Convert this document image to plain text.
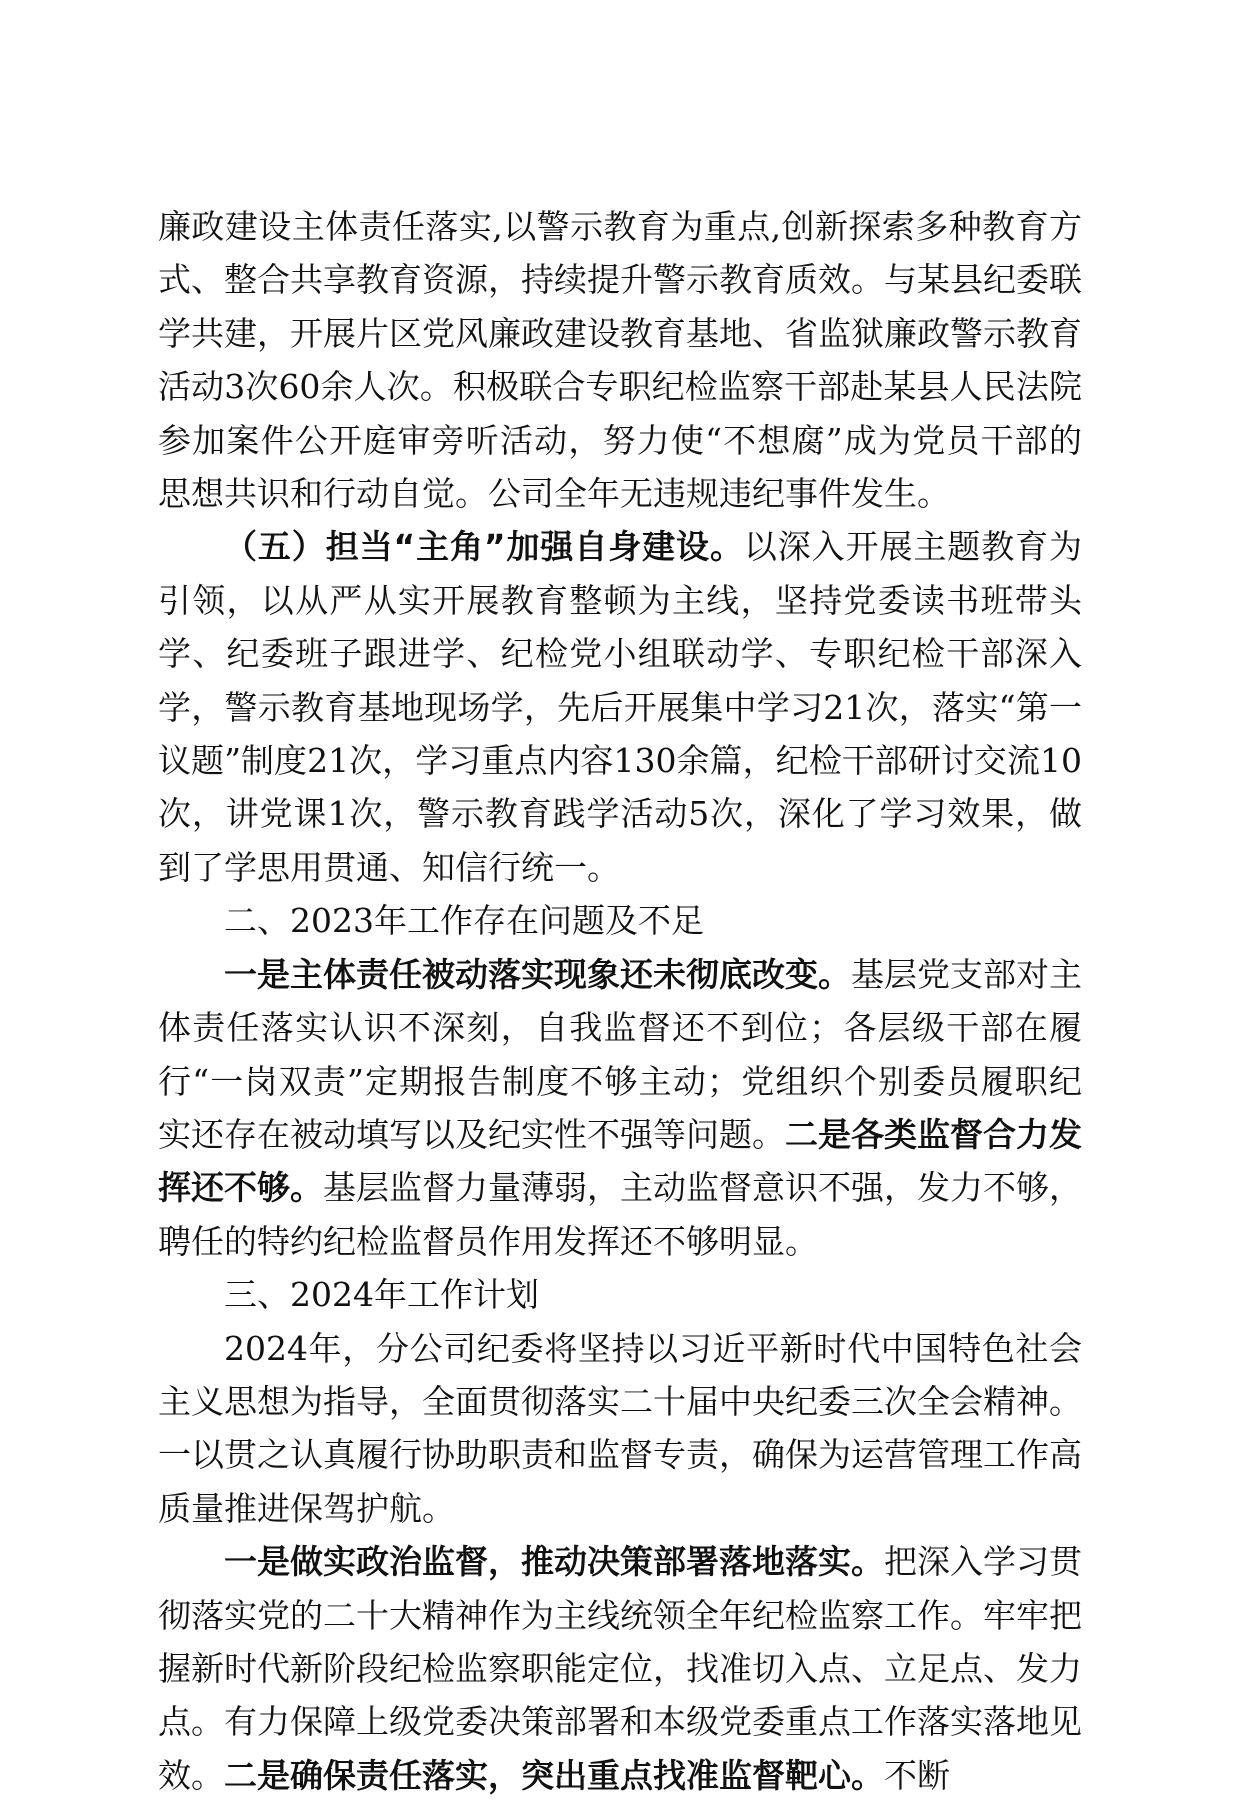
廉政建设主体责任落实,以警示教育为重点,创新探索多种教育方式、整合共享教育资源，持续提升警示教育质效。与某县纪委联学共建，开展片区党风廉政建设教育基地、省监狱廉政警示教育活动3次60余人次。积极联合专职纪检监察干部赴某县人民法院参加案件公开庭审旁听活动，努力使“不想腐”成为党员干部的思想共识和行动自觉。公司全年无违规违纪事件发生。

（五）担当“主角”加强自身建设。以深入开展主题教育为引领，以从严从实开展教育整顿为主线，坚持党委读书班带头学、纪委班子跟进学、纪检党小组联动学、专职纪检干部深入学，警示教育基地现场学，先后开展集中学习21次，落实“第一议题”制度21次，学习重点内容130余篇，纪检干部研讨交流10次，讲党课1次，警示教育践学活动5次，深化了学习效果，做到了学思用贯通、知信行统一。

二、2023年工作存在问题及不足

一是主体责任被动落实现象还未彻底改变。基层党支部对主体责任落实认识不深刻，自我监督还不到位；各层级干部在履行“一岗双责”定期报告制度不够主动；党组织个别委员履职纪实还存在被动填写以及纪实性不强等问题。二是各类监督合力发挥还不够。基层监督力量薄弱，主动监督意识不强，发力不够，聘任的特约纪检监督员作用发挥还不够明显。

三、2024年工作计划

2024年，分公司纪委将坚持以习近平新时代中国特色社会主义思想为指导，全面贯彻落实二十届中央纪委三次全会精神。一以贯之认真履行协助职责和监督专责，确保为运营管理工作高质量推进保驾护航。

一是做实政治监督，推动决策部署落地落实。把深入学习贯彻落实党的二十大精神作为主线统领全年纪检监察工作。牢牢把握新时代新阶段纪检监察职能定位，找准切入点、立足点、发力点。有力保障上级党委决策部署和本级党委重点工作落实落地见效。二是确保责任落实，突出重点找准监督靶心。不断
